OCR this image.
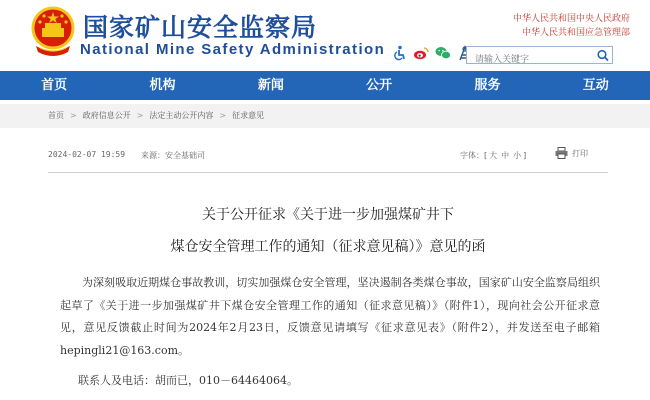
国家矿山安全监察局
National Mine Safety Administration
中华人民共和国中央人民政府
中华人民共和国应急管理部
请输入关键字
首页	机构	新闻	公开	服务	互动
首页 > 政府信息公开 > 法定主动公开内容 > 征求意见
2024-02-07 19:59 来源：安全基础司	字体：[ 大 中 小 ]	打印
关于公开征求《关于进一步加强煤矿井下
煤仓安全管理工作的通知（征求意见稿）》意见的函

为深刻吸取近期煤仓事故教训，切实加强煤仓安全管理，坚决遏制各类煤仓事故，国家矿山安全监察局组织起草了《关于进一步加强煤矿井下煤仓安全管理工作的通知（征求意见稿）》（附件1），现向社会公开征求意见，意见反馈截止时间为2024年2月23日，反馈意见请填写《征求意见表》（附件2），并发送至电子邮箱hepingli21@163.com。

联系人及电话：胡而已，010－64464064。
